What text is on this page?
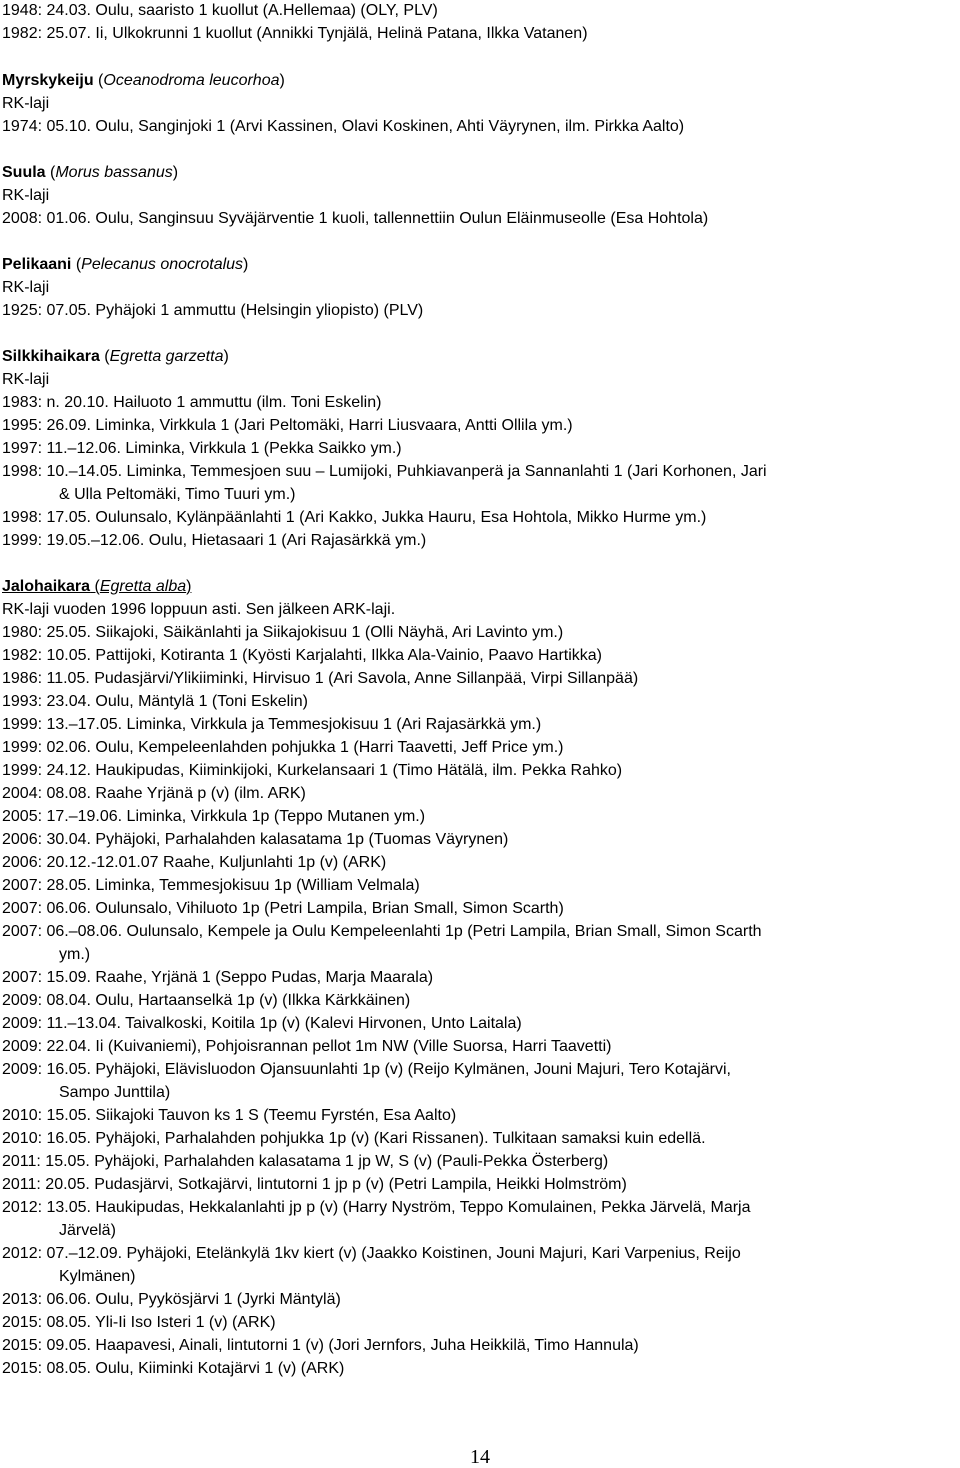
1948: 24.03. Oulu, saaristo 1 kuollut (A.Hellemaa) (OLY, PLV)
1982: 25.07. Ii, Ulkokrunni 1 kuollut (Annikki Tynjälä, Helinä Patana, Ilkka Vatanen)
Myrskykeiju (Oceanodroma leucorhoa)
RK-laji
1974: 05.10. Oulu, Sanginjoki 1 (Arvi Kassinen, Olavi Koskinen, Ahti Väyrynen, ilm. Pirkka Aalto)
Suula (Morus bassanus)
RK-laji
2008: 01.06. Oulu, Sanginsuu Syväjärventie 1 kuoli, tallennettiin Oulun Eläinmuseolle (Esa Hohtola)
Pelikaani (Pelecanus onocrotalus)
RK-laji
1925: 07.05. Pyhäjoki 1 ammuttu (Helsingin yliopisto) (PLV)
Silkkihaikara (Egretta garzetta)
RK-laji
1983: n. 20.10. Hailuoto 1 ammuttu (ilm. Toni Eskelin)
1995: 26.09. Liminka, Virkkula 1 (Jari Peltomäki, Harri Liusvaara, Antti Ollila ym.)
1997: 11.–12.06. Liminka, Virkkula 1 (Pekka Saikko ym.)
1998: 10.–14.05. Liminka, Temmesjoen suu – Lumijoki, Puhkiavanperä ja Sannanlahti 1 (Jari Korhonen, Jari
& Ulla Peltomäki, Timo Tuuri ym.)
1998: 17.05. Oulunsalo, Kylänpäänlahti 1 (Ari Kakko, Jukka Hauru, Esa Hohtola, Mikko Hurme ym.)
1999: 19.05.–12.06. Oulu, Hietasaari 1 (Ari Rajasärkkä ym.)
Jalohaikara (Egretta alba)
RK-laji vuoden 1996 loppuun asti. Sen jälkeen ARK-laji.
1980: 25.05. Siikajoki, Säikänlahti ja Siikajokisuu 1 (Olli Näyhä, Ari Lavinto ym.)
1982: 10.05. Pattijoki, Kotiranta 1 (Kyösti Karjalahti, Ilkka Ala-Vainio, Paavo Hartikka)
1986: 11.05. Pudasjärvi/Ylikiiminki, Hirvisuo 1 (Ari Savola, Anne Sillanpää, Virpi Sillanpää)
1993: 23.04. Oulu, Mäntylä 1 (Toni Eskelin)
1999: 13.–17.05. Liminka, Virkkula ja Temmesjokisuu 1 (Ari Rajasärkkä ym.)
1999: 02.06. Oulu, Kempeleenlahden pohjukka 1 (Harri Taavetti, Jeff Price ym.)
1999: 24.12. Haukipudas, Kiiminkijoki, Kurkelansaari 1 (Timo Hätälä, ilm. Pekka Rahko)
2004: 08.08. Raahe Yrjänä p (v) (ilm. ARK)
2005: 17.–19.06. Liminka, Virkkula 1p (Teppo Mutanen ym.)
2006: 30.04. Pyhäjoki, Parhalahden kalasatama 1p (Tuomas Väyrynen)
2006: 20.12.-12.01.07 Raahe, Kuljunlahti 1p (v) (ARK)
2007: 28.05. Liminka, Temmesjokisuu 1p (William Velmala)
2007: 06.06. Oulunsalo, Vihiluoto 1p (Petri Lampila, Brian Small, Simon Scarth)
2007: 06.–08.06. Oulunsalo, Kempele ja Oulu Kempeleenlahti 1p (Petri Lampila, Brian Small, Simon Scarth
ym.)
2007: 15.09. Raahe, Yrjänä 1 (Seppo Pudas, Marja Maarala)
2009: 08.04. Oulu, Hartaanselkä 1p (v) (Ilkka Kärkkäinen)
2009: 11.–13.04. Taivalkoski, Koitila 1p (v) (Kalevi Hirvonen, Unto Laitala)
2009: 22.04. Ii (Kuivaniemi), Pohjoisrannan pellot 1m NW (Ville Suorsa, Harri Taavetti)
2009: 16.05. Pyhäjoki, Elävisluodon Ojansuunlahti 1p (v) (Reijo Kylmänen, Jouni Majuri, Tero Kotajärvi,
Sampo Junttila)
2010: 15.05. Siikajoki Tauvon ks 1 S (Teemu Fyrstén, Esa Aalto)
2010: 16.05. Pyhäjoki, Parhalahden pohjukka 1p (v) (Kari Rissanen). Tulkitaan samaksi kuin edellä.
2011: 15.05. Pyhäjoki, Parhalahden kalasatama 1 jp W, S (v) (Pauli-Pekka Österberg)
2011: 20.05. Pudasjärvi, Sotkajärvi, lintutorni 1 jp p (v) (Petri Lampila, Heikki Holmström)
2012: 13.05. Haukipudas, Hekkalanlahti jp p (v) (Harry Nyström, Teppo Komulainen, Pekka Järvelä, Marja
Järvelä)
2012: 07.–12.09. Pyhäjoki, Etelänkylä 1kv kiert (v) (Jaakko Koistinen, Jouni Majuri, Kari Varpenius, Reijo
Kylmänen)
2013: 06.06. Oulu, Pyykösjärvi 1 (Jyrki Mäntylä)
2015: 08.05. Yli-Ii Iso Isteri 1 (v) (ARK)
2015: 09.05. Haapavesi, Ainali, lintutorni 1 (v) (Jori Jernfors, Juha Heikkilä, Timo Hannula)
2015: 08.05. Oulu, Kiiminki Kotajärvi 1 (v) (ARK)
14
